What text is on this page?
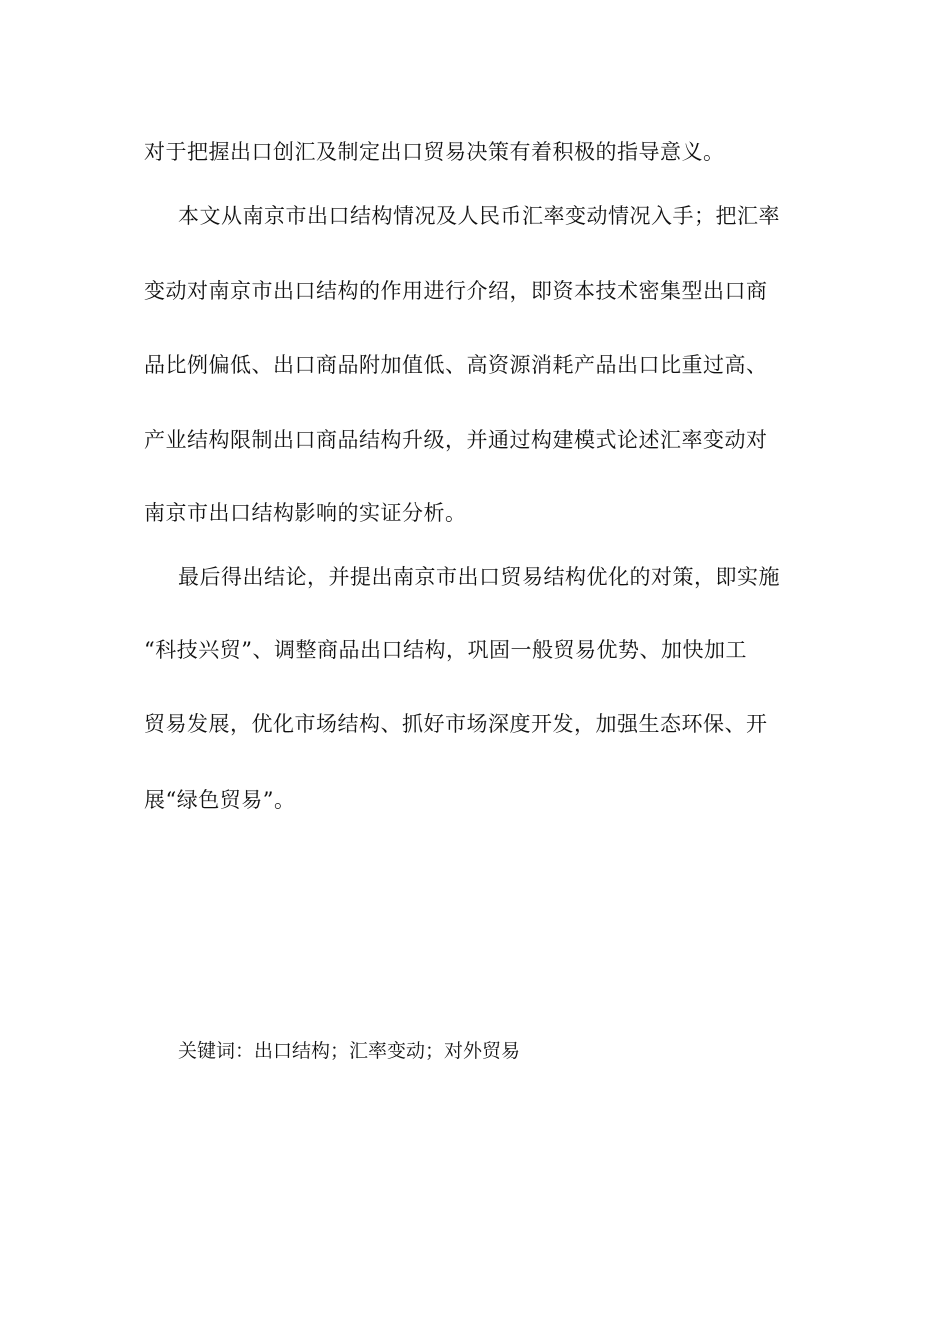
对于把握出口创汇及制定出口贸易决策有着积极的指导意义。
本文从南京市出口结构情况及人民币汇率变动情况入手；把汇率
变动对南京市出口结构的作用进行介绍，即资本技术密集型出口商
品比例偏低、出口商品附加值低、高资源消耗产品出口比重过高、
产业结构限制出口商品结构升级，并通过构建模式论述汇率变动对
南京市出口结构影响的实证分析。
最后得出结论，并提出南京市出口贸易结构优化的对策，即实施
“科技兴贸”、调整商品出口结构，巩固一般贸易优势、加快加工
贸易发展，优化市场结构、抓好市场深度开发，加强生态环保、开
展“绿色贸易”。
关键词：出口结构；汇率变动；对外贸易
